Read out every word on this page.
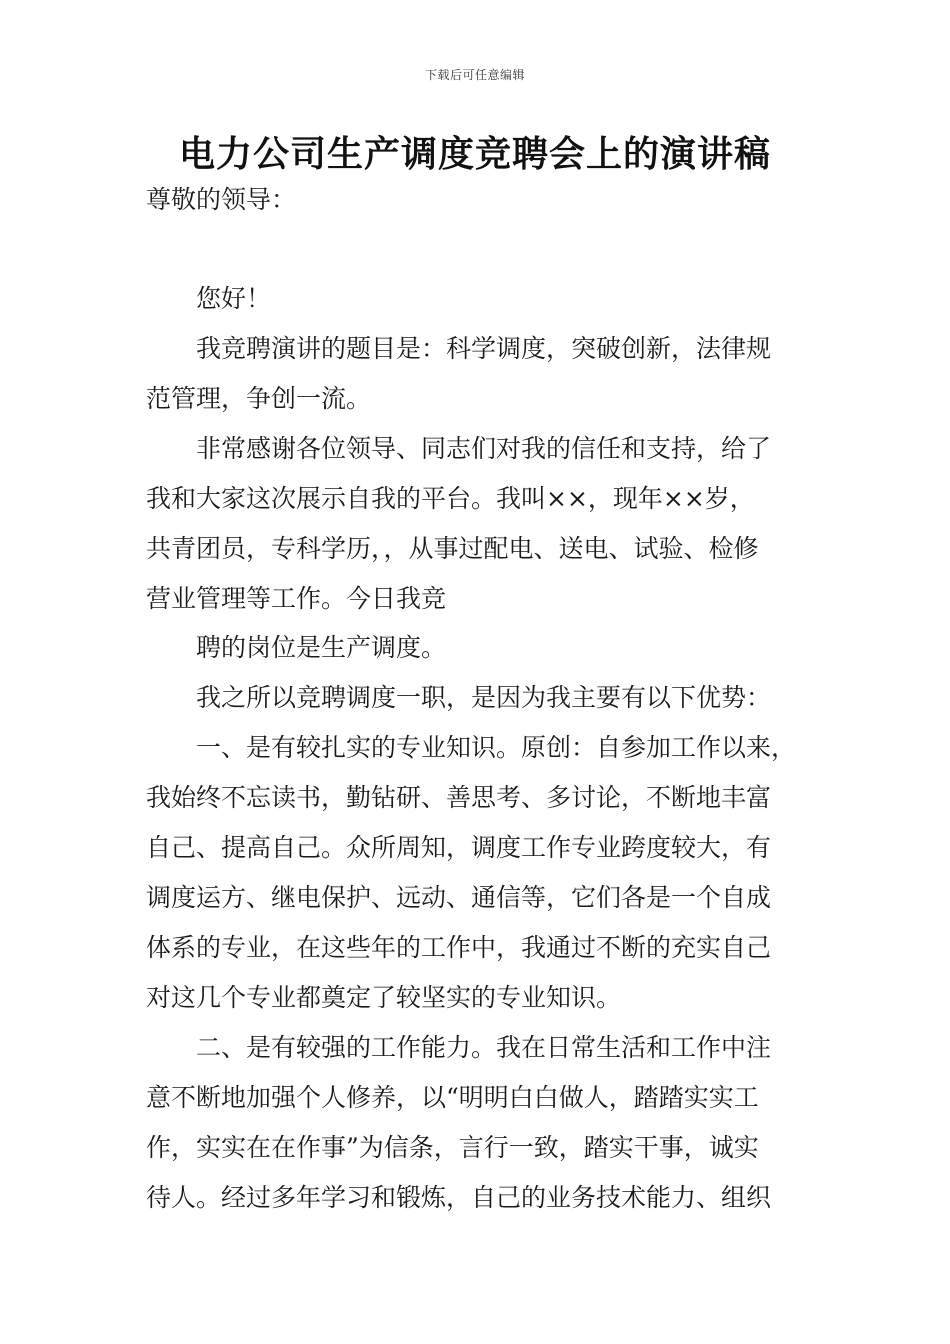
下载后可任意编辑
电力公司生产调度竞聘会上的演讲稿
尊敬的领导：
您好！
我竞聘演讲的题目是：科学调度，突破创新，法律规
范管理，争创一流。
非常感谢各位领导、同志们对我的信任和支持，给了
我和大家这次展示自我的平台。我叫××，现年××岁，
共青团员，专科学历，，从事过配电、送电、试验、检修
营业管理等工作。今日我竞
聘的岗位是生产调度。
我之所以竞聘调度一职，是因为我主要有以下优势：
一、是有较扎实的专业知识。原创：自参加工作以来，
我始终不忘读书，勤钻研、善思考、多讨论，不断地丰富
自己、提高自己。众所周知，调度工作专业跨度较大，有
调度运方、继电保护、远动、通信等，它们各是一个自成
体系的专业，在这些年的工作中，我通过不断的充实自己
对这几个专业都奠定了较坚实的专业知识。
二、是有较强的工作能力。我在日常生活和工作中注
意不断地加强个人修养，以“明明白白做人，踏踏实实工
作，实实在在作事”为信条，言行一致，踏实干事，诚实
待人。经过多年学习和锻炼，自己的业务技术能力、组织
